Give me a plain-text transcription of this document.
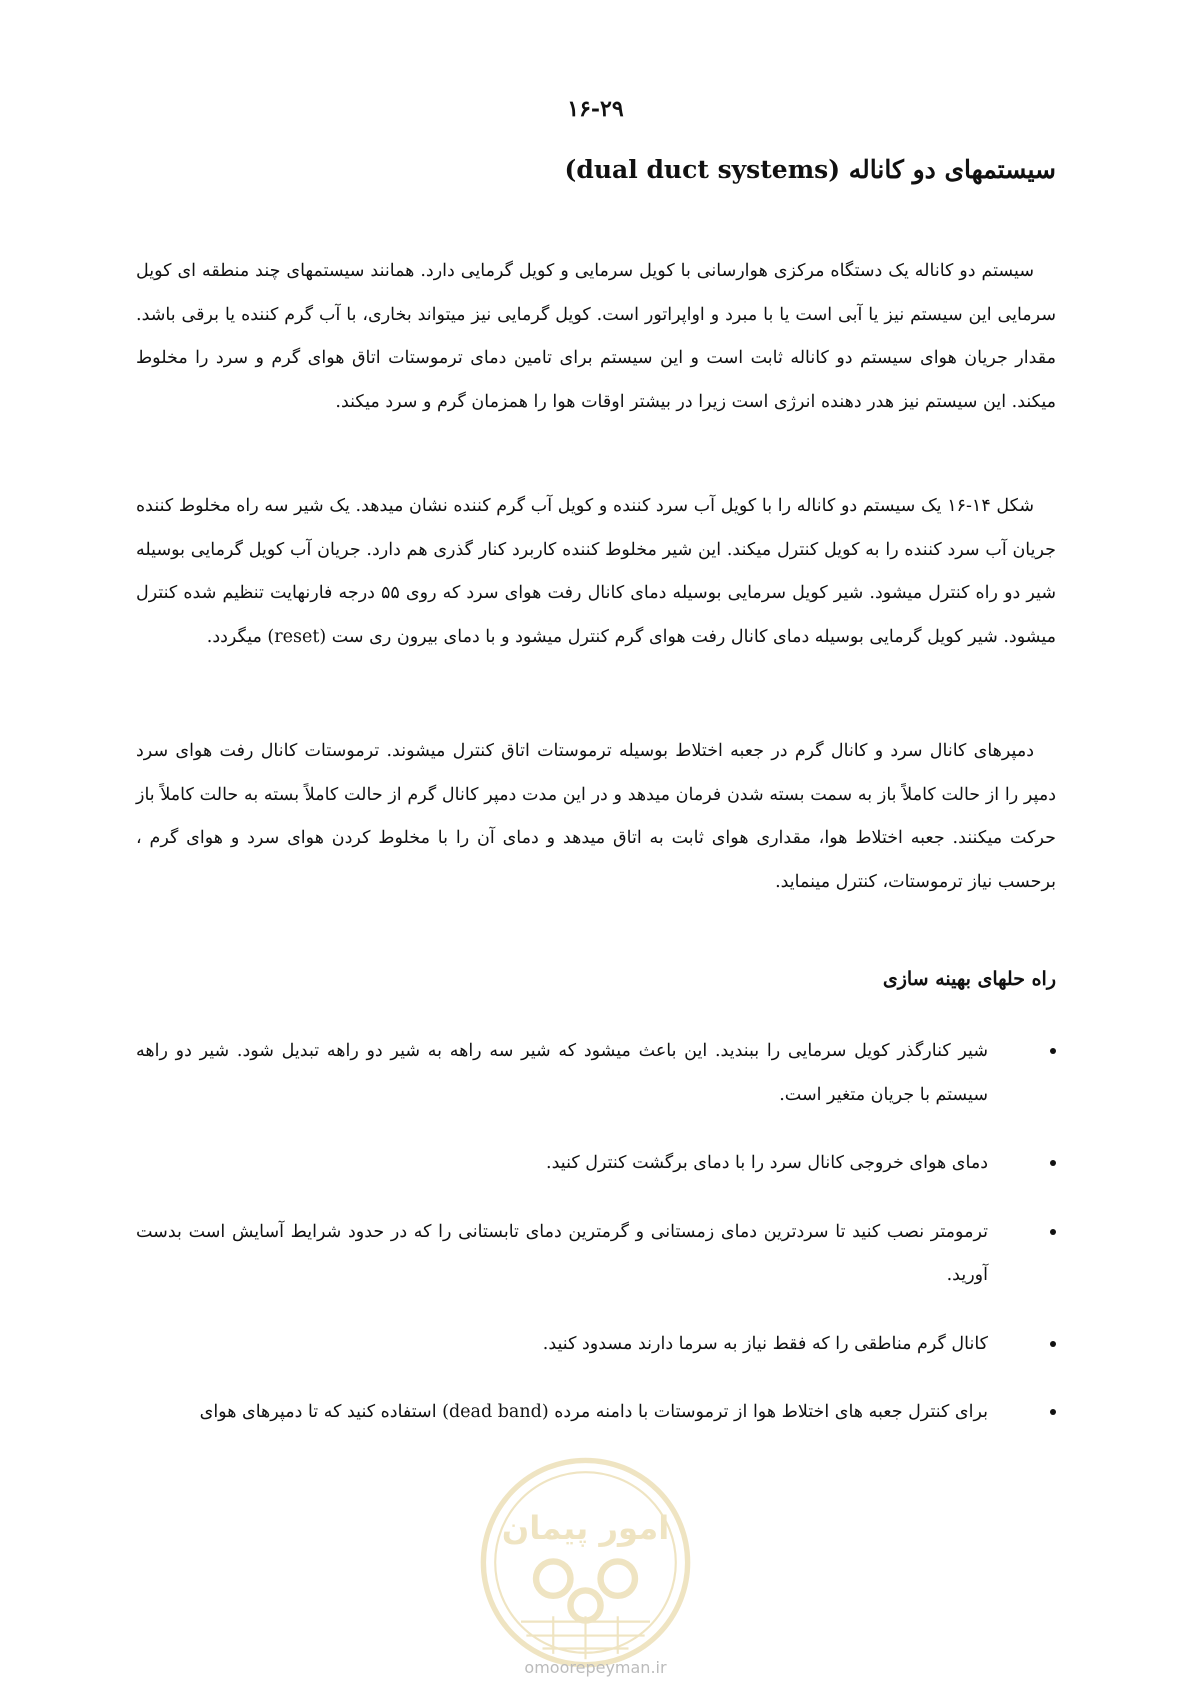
۱۶-۲۹
سیستمهای دو کاناله (dual duct systems)

سیستم دو کاناله یک دستگاه مرکزی هوارسانی با کویل سرمایی و کویل گرمایی دارد. همانند سیستمهای چند منطقه ای کویل سرمایی این سیستم نیز یا آبی است یا با مبرد و اواپراتور است. کویل گرمایی نیز میتواند بخاری، با آب گرم کننده یا برقی باشد. مقدار جریان هوای سیستم دو کاناله ثابت است و این سیستم برای تامین دمای ترموستات اتاق هوای گرم و سرد را مخلوط میکند. این سیستم نیز هدر دهنده انرژی است زیرا در بیشتر اوقات هوا را همزمان گرم و سرد میکند.

شکل ۱۴-۱۶ یک سیستم دو کاناله را با کویل آب سرد کننده و کویل آب گرم کننده نشان میدهد. یک شیر سه راه مخلوط کننده جریان آب سرد کننده را به کویل کنترل میکند. این شیر مخلوط کننده کاربرد کنار گذری هم دارد. جریان آب کویل گرمایی بوسیله شیر دو راه کنترل میشود. شیر کویل سرمایی بوسیله دمای کانال رفت هوای سرد که روی ۵۵ درجه فارنهایت تنظیم شده کنترل میشود. شیر کویل گرمایی بوسیله دمای کانال رفت هوای گرم کنترل میشود و با دمای بیرون ری ست (reset) میگردد.

دمپرهای کانال سرد و کانال گرم در جعبه اختلاط بوسیله ترموستات اتاق کنترل میشوند. ترموستات کانال رفت هوای سرد دمپر را از حالت کاملاً باز به سمت بسته شدن فرمان میدهد و در این مدت دمپر کانال گرم از حالت کاملاً بسته به حالت کاملاً باز حرکت میکنند. جعبه اختلاط هوا، مقداری هوای ثابت به اتاق میدهد و دمای آن را با مخلوط کردن هوای سرد و هوای گرم ، برحسب نیاز ترموستات، کنترل مینماید.

راه حلهای بهینه سازی
شیر کنارگذر کویل سرمایی را ببندید. این باعث میشود که شیر سه راهه به شیر دو راهه تبدیل شود. شیر دو راهه سیستم با جریان متغیر است.
دمای هوای خروجی کانال سرد را با دمای برگشت کنترل کنید.
ترمومتر نصب کنید تا سردترین دمای زمستانی و گرمترین دمای تابستانی را که در حدود شرایط آسایش است بدست آورید.
کانال گرم مناطقی را که فقط نیاز به سرما دارند مسدود کنید.
برای کنترل جعبه های اختلاط هوا از ترموستات با دامنه مرده (dead band) استفاده کنید که تا دمپرهای هوای
امور پیمان
omoorepeyman.ir
